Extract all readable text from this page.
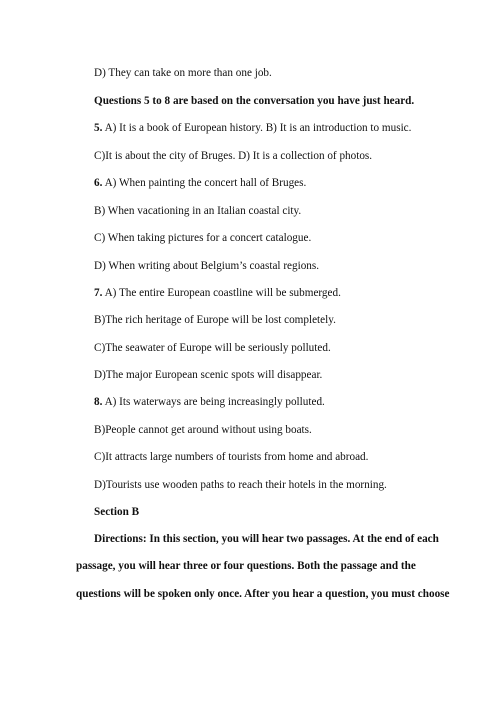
D) They can take on more than one job.
Questions 5 to 8 are based on the conversation you have just heard.
5. A) It is a book of European history. B) It is an introduction to music.
C)It is about the city of Bruges. D) It is a collection of photos.
6. A) When painting the concert hall of Bruges.
B) When vacationing in an Italian coastal city.
C) When taking pictures for a concert catalogue.
D) When writing about Belgium’s coastal regions.
7. A) The entire European coastline will be submerged.
B)The rich heritage of Europe will be lost completely.
C)The seawater of Europe will be seriously polluted.
D)The major European scenic spots will disappear.
8. A) Its waterways are being increasingly polluted.
B)People cannot get around without using boats.
C)It attracts large numbers of tourists from home and abroad.
D)Tourists use wooden paths to reach their hotels in the morning.
Section B
Directions: In this section, you will hear two passages. At the end of each
passage, you will hear three or four questions. Both the passage and the
questions will be spoken only once. After you hear a question, you must choose
